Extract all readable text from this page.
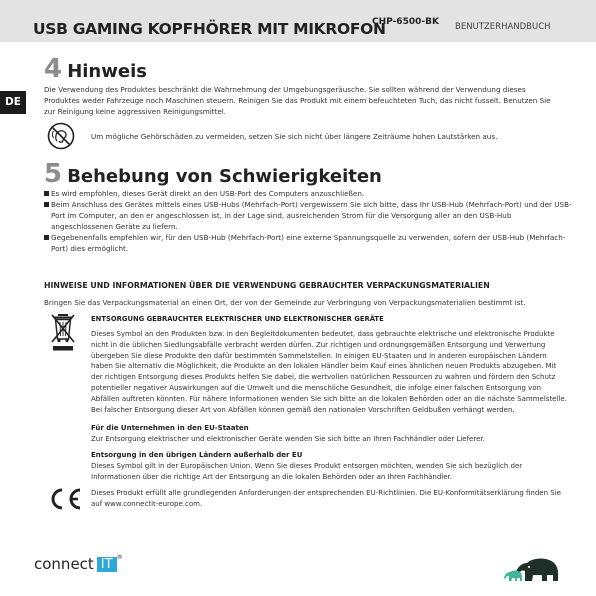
USB GAMING KOPFHÖRER MIT MIKROFON
CHP-6500-BK BENUTZERHANDBUCH
DE
4 Hinweis
Die Verwendung des Produktes beschränkt die Wahrnehmung der Umgebungsgeräusche. Sie sollten während der Verwendung dieses Produktes weder Fahrzeuge noch Maschinen steuern. Reinigen Sie das Produkt mit einem befeuchteten Tuch, das nicht fusselt. Benutzen Sie zur Reinigung keine aggressiven Reinigungsmittel.
Um mögliche Gehörschäden zu vermeiden, setzen Sie sich nicht über längere Zeiträume hohen Lautstärken aus.
5 Behebung von Schwierigkeiten
Es wird empfohlen, dieses Gerät direkt an den USB-Port des Computers anzuschließen.
Beim Anschluss des Gerätes mittels eines USB-Hubs (Mehrfach-Port) vergewissern Sie sich bitte, dass Ihr USB-Hub (Mehrfach-Port) und der USB-Port im Computer, an den er angeschlossen ist, in der Lage sind, ausreichenden Strom für die Versorgung aller an den USB-Hub angeschlossenen Geräte zu liefern.
Gegebenenfalls empfehlen wir, für den USB-Hub (Mehrfach-Port) eine externe Spannungsquelle zu verwenden, sofern der USB-Hub (Mehrfach-Port) dies ermöglicht.
HINWEISE UND INFORMATIONEN ÜBER DIE VERWENDUNG GEBRAUCHTER VERPACKUNGSMATERIALIEN
Bringen Sie das Verpackungsmaterial an einen Ort, der von der Gemeinde zur Verbringung von Verpackungsmaterialien bestimmt ist.
ENTSORGUNG GEBRAUCHTER ELEKTRISCHER UND ELEKTRONISCHER GERÄTE
Dieses Symbol an den Produkten bzw. in den Begleitdokumenten bedeutet, dass gebrauchte elektrische und elektronische Produkte nicht in die üblichen Siedlungsabfälle verbracht werden dürfen. Zur richtigen und ordnungsgemäßen Entsorgung und Verwertung übergeben Sie diese Produkte den dafür bestimmten Sammelstellen. In einigen EU-Staaten und in anderen europäischen Ländern haben Sie alternativ die Möglichkeit, die Produkte an den lokalen Händler beim Kauf eines ähnlichen neuen Produkts abzugeben. Mit der richtigen Entsorgung dieses Produkts helfen Sie dabei, die wertvollen natürlichen Ressourcen zu wahren und fördern den Schutz potentieller negativer Auswirkungen auf die Umwelt und die menschliche Gesundheit, die infolge einer falschen Entsorgung von Abfällen auftreten könnten. Für nähere Informationen wenden Sie sich bitte an die lokalen Behörden oder an die nächste Sammelstelle. Bei falscher Entsorgung dieser Art von Abfällen können gemäß den nationalen Vorschriften Geldbußen verhängt werden.
Für die Unternehmen in den EU-Staaten
Zur Entsorgung elektrischer und elektronischer Geräte wenden Sie sich bitte an Ihren Fachhändler oder Lieferer.
Entsorgung in den übrigen Ländern außerhalb der EU
Dieses Symbol gilt in der Europäischen Union. Wenn Sie dieses Produkt entsorgen möchten, wenden Sie sich bezüglich der Informationen über die richtige Art der Entsorgung an die lokalen Behörden oder an Ihren Fachhändler.
Dieses Produkt erfüllt alle grundlegenden Anforderungen der entsprechenden EU-Richtlinien. Die EU-Konformitätserklärung finden Sie auf www.connectit-europe.com.
connect IT ®
